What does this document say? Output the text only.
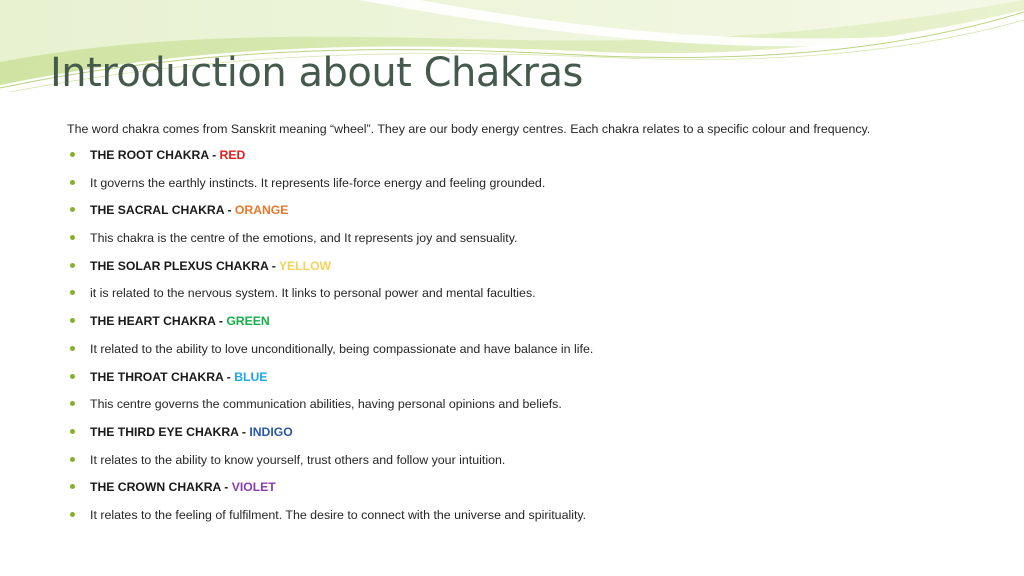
Introduction about Chakras

The word chakra comes from Sanskrit meaning “wheel”. They are our body energy centres. Each chakra relates to a specific colour and frequency.

THE ROOT CHAKRA - RED
It governs the earthly instincts. It represents life-force energy and feeling grounded.
THE SACRAL CHAKRA - ORANGE
This chakra is the centre of the emotions, and It represents joy and sensuality.
THE SOLAR PLEXUS CHAKRA - YELLOW
it is related to the nervous system. It links to personal power and mental faculties.
THE HEART CHAKRA - GREEN
It related to the ability to love unconditionally, being compassionate and have balance in life.
THE THROAT CHAKRA - BLUE
This centre governs the communication abilities, having personal opinions and beliefs.
THE THIRD EYE CHAKRA - INDIGO
It relates to the ability to know yourself, trust others and follow your intuition.
THE CROWN CHAKRA - VIOLET
It relates to the feeling of fulfilment. The desire to connect with the universe and spirituality.
